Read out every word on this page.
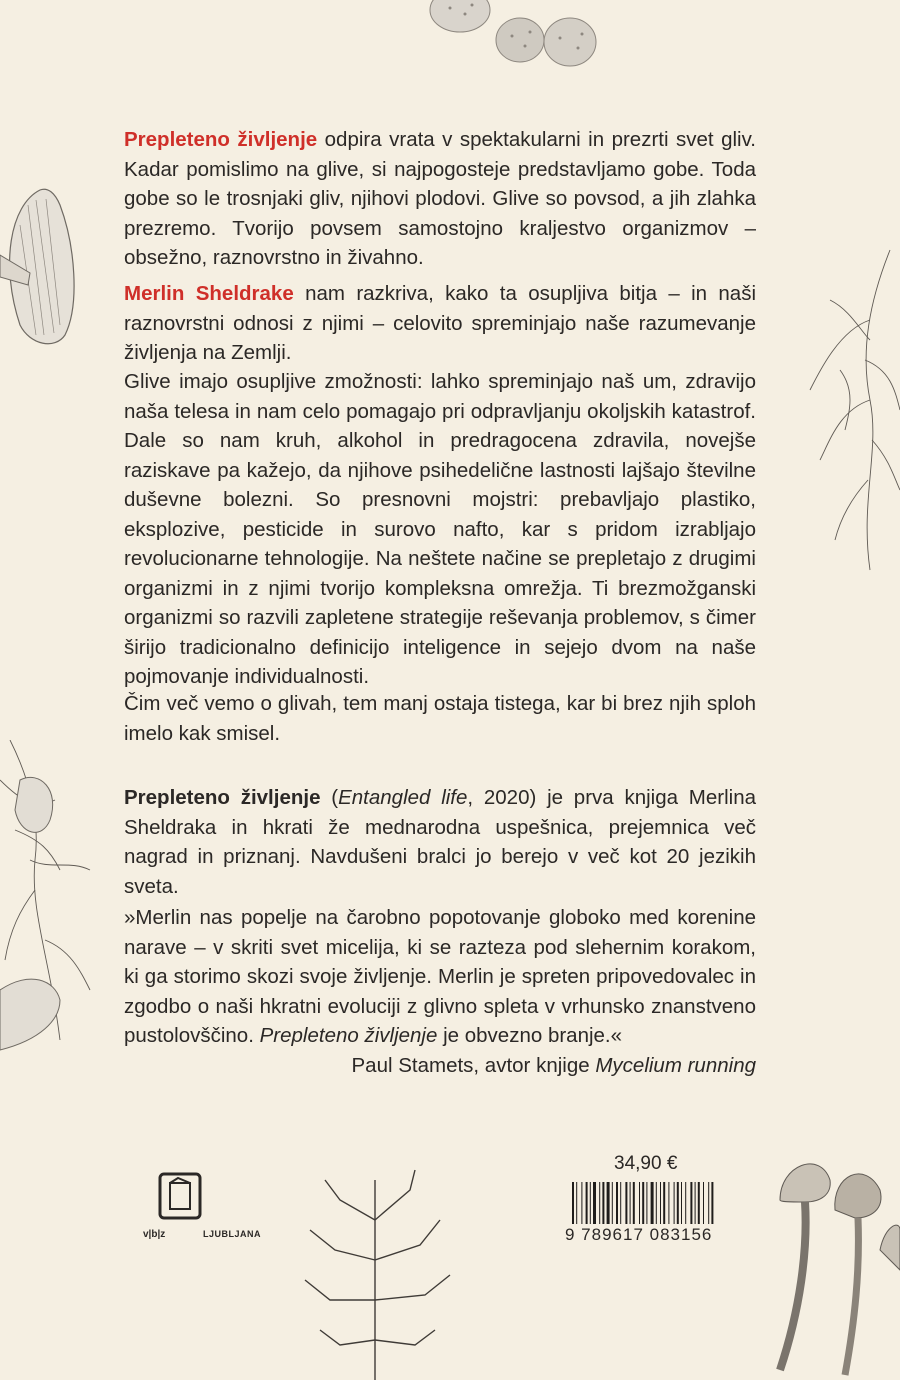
Prepleteno življenje odpira vrata v spektakularni in prezrti svet gliv. Kadar pomislimo na glive, si najpogosteje predstavljamo gobe. Toda gobe so le trosnjaki gliv, njihovi plodovi. Glive so povsod, a jih zlahka prezremo. Tvorijo povsem samostojno kraljestvo organizmov – obsežno, raznovrstno in živahno.

Merlin Sheldrake nam razkriva, kako ta osupljiva bitja – in naši raznovrstni odnosi z njimi – celovito spreminjajo naše razumevanje življenja na Zemlji.

Glive imajo osupljive zmožnosti: lahko spreminjajo naš um, zdravijo naša telesa in nam celo pomagajo pri odpravljanju okoljskih katastrof. Dale so nam kruh, alkohol in predragocena zdravila, novejše raziskave pa kažejo, da njihove psihedelične lastnosti lajšajo številne duševne bolezni. So presnovni mojstri: prebavljajo plastiko, eksplozive, pesticide in surovo nafto, kar s pridom izrabljajo revolucionarne tehnologije. Na neštete načine se prepletajo z drugimi organizmi in z njimi tvorijo kompleksna omrežja. Ti brezmožganski organizmi so razvili zapletene strategije reševanja problemov, s čimer širijo tradicionalno definicijo inteligence in sejejo dvom na naše pojmovanje individualnosti.

Čim več vemo o glivah, tem manj ostaja tistega, kar bi brez njih sploh imelo kak smisel.

Prepleteno življenje (Entangled life, 2020) je prva knjiga Merlina Sheldraka in hkrati že mednarodna uspešnica, prejemnica več nagrad in priznanj. Navdušeni bralci jo berejo v več kot 20 jezikih sveta.

»Merlin nas popelje na čarobno popotovanje globoko med korenine narave – v skriti svet micelija, ki se razteza pod slehernim korakom, ki ga storimo skozi svoje življenje. Merlin je spreten pripovedovalec in zgodbo o naši hkratni evoluciji z glivno spleta v vrhunsko znanstveno pustolovščino. Prepleteno življenje je obvezno branje.«

Paul Stamets, avtor knjige Mycelium running

v|b|z	LJUBLJANA
34,90 €
9 789617 083156
